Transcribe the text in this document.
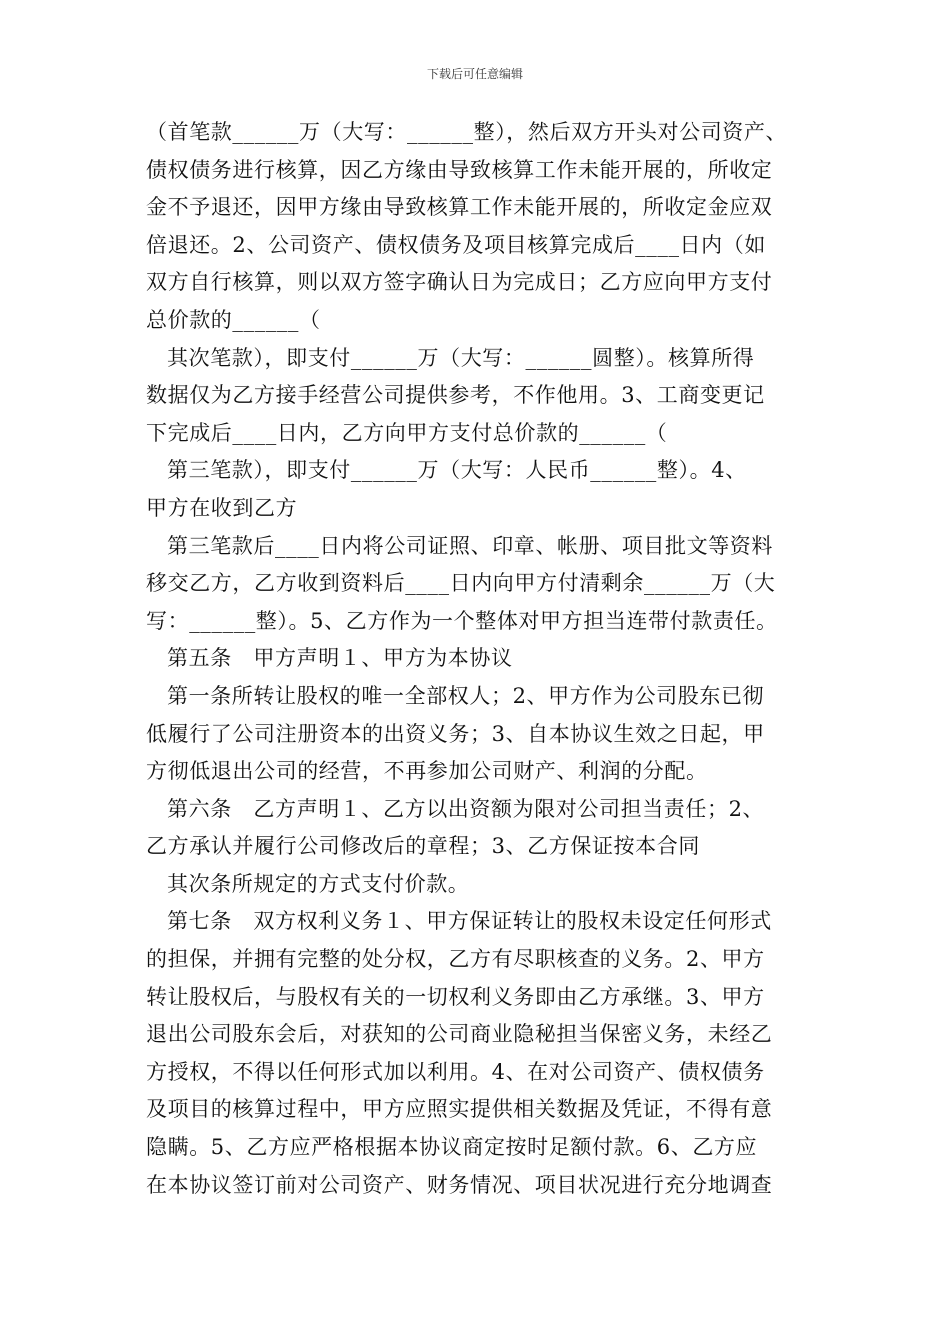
下载后可任意编辑
（首笔款______万（大写：______整），然后双方开头对公司资产、
债权债务进行核算，因乙方缘由导致核算工作未能开展的，所收定
金不予退还，因甲方缘由导致核算工作未能开展的，所收定金应双
倍退还。2、公司资产、债权债务及项目核算完成后____日内（如
双方自行核算，则以双方签字确认日为完成日；乙方应向甲方支付
总价款的______（
其次笔款），即支付______万（大写：______圆整）。核算所得
数据仅为乙方接手经营公司提供参考，不作他用。3、工商变更记
下完成后____日内，乙方向甲方支付总价款的______（
第三笔款），即支付______万（大写：人民币______整）。4、
甲方在收到乙方
第三笔款后____日内将公司证照、印章、帐册、项目批文等资料
移交乙方，乙方收到资料后____日内向甲方付清剩余______万（大
写：______整）。5、乙方作为一个整体对甲方担当连带付款责任。
第五条　甲方声明１、甲方为本协议
第一条所转让股权的唯一全部权人；2、甲方作为公司股东已彻
低履行了公司注册资本的出资义务；3、自本协议生效之日起，甲
方彻低退出公司的经营，不再参加公司财产、利润的分配。
第六条　乙方声明１、乙方以出资额为限对公司担当责任；2、
乙方承认并履行公司修改后的章程；3、乙方保证按本合同
其次条所规定的方式支付价款。
第七条　双方权利义务１、甲方保证转让的股权未设定任何形式
的担保，并拥有完整的处分权，乙方有尽职核查的义务。2、甲方
转让股权后，与股权有关的一切权利义务即由乙方承继。3、甲方
退出公司股东会后，对获知的公司商业隐秘担当保密义务，未经乙
方授权，不得以任何形式加以利用。4、在对公司资产、债权债务
及项目的核算过程中，甲方应照实提供相关数据及凭证，不得有意
隐瞒。5、乙方应严格根据本协议商定按时足额付款。6、乙方应
在本协议签订前对公司资产、财务情况、项目状况进行充分地调查
